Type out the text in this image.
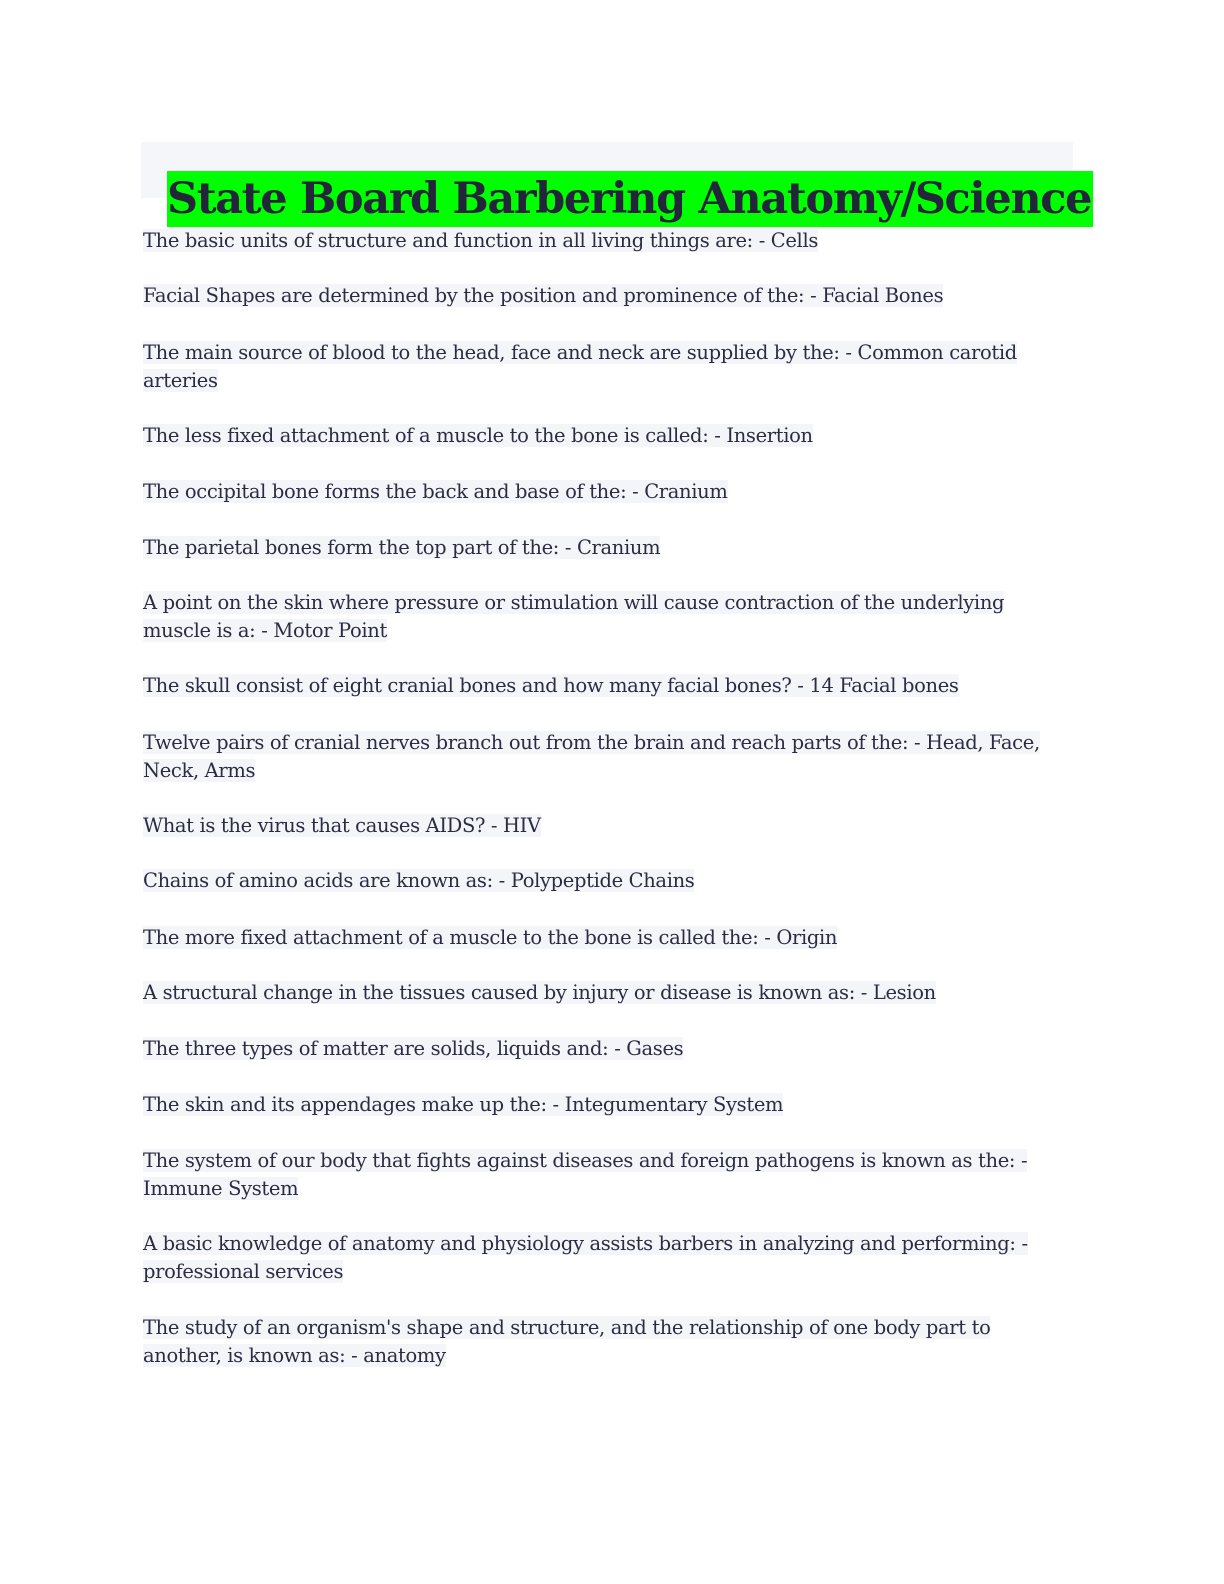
State Board Barbering Anatomy/Science
The basic units of structure and function in all living things are: - Cells
Facial Shapes are determined by the position and prominence of the: - Facial Bones
The main source of blood to the head, face and neck are supplied by the: - Common carotid arteries
The less fixed attachment of a muscle to the bone is called: - Insertion
The occipital bone forms the back and base of the: - Cranium
The parietal bones form the top part of the: - Cranium
A point on the skin where pressure or stimulation will cause contraction of the underlying muscle is a: - Motor Point
The skull consist of eight cranial bones and how many facial bones? - 14 Facial bones
Twelve pairs of cranial nerves branch out from the brain and reach parts of the: - Head, Face, Neck, Arms
What is the virus that causes AIDS? - HIV
Chains of amino acids are known as: - Polypeptide Chains
The more fixed attachment of a muscle to the bone is called the: - Origin
A structural change in the tissues caused by injury or disease is known as: - Lesion
The three types of matter are solids, liquids and: - Gases
The skin and its appendages make up the: - Integumentary System
The system of our body that fights against diseases and foreign pathogens is known as the: - Immune System
A basic knowledge of anatomy and physiology assists barbers in analyzing and performing: - professional services
The study of an organism's shape and structure, and the relationship of one body part to another, is known as: - anatomy
